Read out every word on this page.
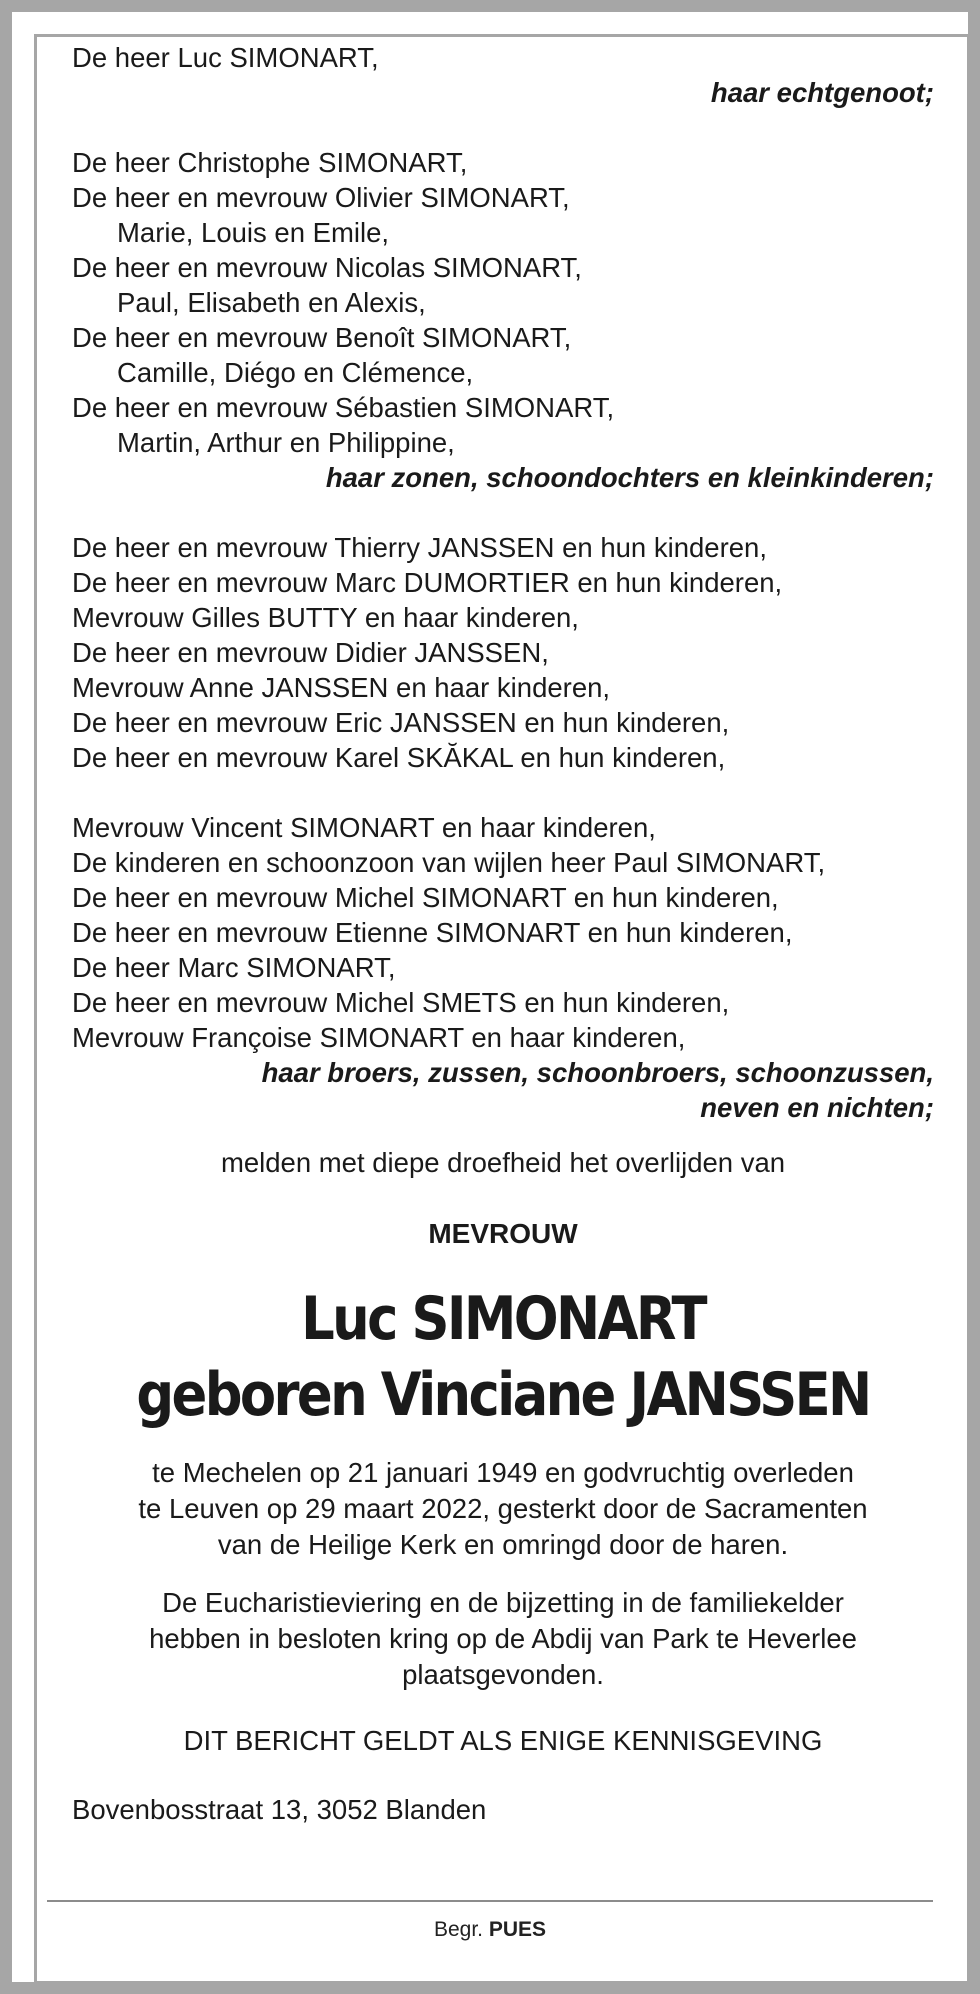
De heer Luc SIMONART,
haar echtgenoot;
De heer Christophe SIMONART,
De heer en mevrouw Olivier SIMONART,
Marie, Louis en Emile,
De heer en mevrouw Nicolas SIMONART,
Paul, Elisabeth en Alexis,
De heer en mevrouw Benoît SIMONART,
Camille, Diégo en Clémence,
De heer en mevrouw Sébastien SIMONART,
Martin, Arthur en Philippine,
haar zonen, schoondochters en kleinkinderen;
De heer en mevrouw Thierry JANSSEN en hun kinderen,
De heer en mevrouw Marc DUMORTIER en hun kinderen,
Mevrouw Gilles BUTTY en haar kinderen,
De heer en mevrouw Didier JANSSEN,
Mevrouw Anne JANSSEN en haar kinderen,
De heer en mevrouw Eric JANSSEN en hun kinderen,
De heer en mevrouw Karel SKĂKAL en hun kinderen,
Mevrouw Vincent SIMONART en haar kinderen,
De kinderen en schoonzoon van wijlen heer Paul SIMONART,
De heer en mevrouw Michel SIMONART en hun kinderen,
De heer en mevrouw Etienne SIMONART en hun kinderen,
De heer Marc SIMONART,
De heer en mevrouw Michel SMETS en hun kinderen,
Mevrouw Françoise SIMONART en haar kinderen,
haar broers, zussen, schoonbroers, schoonzussen,
neven en nichten;
melden met diepe droefheid het overlijden van
MEVROUW
Luc SIMONART
geboren Vinciane JANSSEN
te Mechelen op 21 januari 1949 en godvruchtig overleden
te Leuven op 29 maart 2022, gesterkt door de Sacramenten
van de Heilige Kerk en omringd door de haren.
De Eucharistieviering en de bijzetting in de familiekelder
hebben in besloten kring op de Abdij van Park te Heverlee
plaatsgevonden.
DIT BERICHT GELDT ALS ENIGE KENNISGEVING
Bovenbosstraat 13, 3052 Blanden
Begr. PUES
